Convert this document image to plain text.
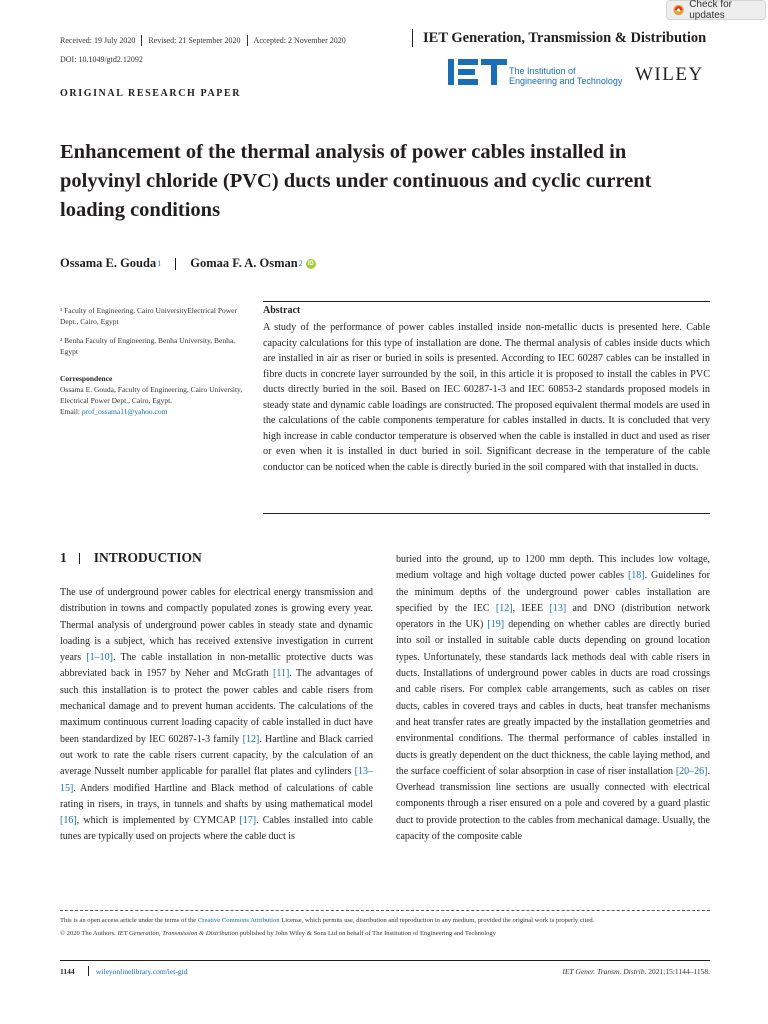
Check for updates
Received: 19 July 2020 Revised: 21 September 2020 Accepted: 2 November 2020
DOI: 10.1049/gtd2.12092
IET Generation, Transmission & Distribution
The Institution of
Engineering and Technology WILEY
ORIGINAL RESEARCH PAPER
Enhancement of the thermal analysis of power cables installed in polyvinyl chloride (PVC) ducts under continuous and cyclic current loading conditions
Ossama E. Gouda 1 Gomaa F. A. Osman 2 iD

¹ Faculty of Engineering, Cairo UniversityElectrical Power Dept., Cairo, Egypt

² Benha Faculty of Engineering, Benha University, Benha, Egypt

Correspondence

Ossama E. Gouda, Faculty of Engineering, Cairo University, Electrical Power Dept., Cairo, Egypt.
Email: prof_ossama11@yahoo.com

Abstract

A study of the performance of power cables installed inside non-metallic ducts is presented here. Cable capacity calculations for this type of installation are done. The thermal analysis of cables inside ducts which are installed in air as riser or buried in soils is presented. According to IEC 60287 cables can be installed in fibre ducts in concrete layer surrounded by the soil, in this article it is proposed to install the cables in PVC ducts directly buried in the soil. Based on IEC 60287-1-3 and IEC 60853-2 standards proposed models in steady state and dynamic cable loadings are constructed. The proposed equivalent thermal models are used in the calculations of the cable components temperature for cables installed in ducts. It is concluded that very high increase in cable conductor temperature is observed when the cable is installed in duct and used as riser or even when it is installed in duct buried in soil. Significant decrease in the temperature of the cable conductor can be noticed when the cable is directly buried in the soil compared with that installed in ducts.

1 INTRODUCTION

The use of underground power cables for electrical energy transmission and distribution in towns and compactly populated zones is growing every year. Thermal analysis of underground power cables in steady state and dynamic loading is a subject, which has received extensive investigation in current years [1–10]. The cable installation in non-metallic protective ducts was abbreviated back in 1957 by Neher and McGrath [11]. The advantages of such this installation is to protect the power cables and cable risers from mechanical damage and to prevent human accidents. The calculations of the maximum continuous current loading capacity of cable installed in duct have been standardized by IEC 60287-1-3 family [12]. Hartline and Black carried out work to rate the cable risers current capacity, by the calculation of an average Nusselt number applicable for parallel flat plates and cylinders [13–15]. Anders modified Hartline and Black method of calculations of cable rating in risers, in trays, in tunnels and shafts by using mathematical model [16], which is implemented by CYMCAP [17]. Cables installed into cable tunes are typically used on projects where the cable duct is

buried into the ground, up to 1200 mm depth. This includes low voltage, medium voltage and high voltage ducted power cables [18]. Guidelines for the minimum depths of the underground power cables installation are specified by the IEC [12], IEEE [13] and DNO (distribution network operators in the UK) [19] depending on whether cables are directly buried into soil or installed in suitable cable ducts depending on ground location types. Unfortunately, these standards lack methods deal with cable risers in ducts. Installations of underground power cables in ducts are road crossings and cable risers. For complex cable arrangements, such as cables on riser ducts, cables in covered trays and cables in ducts, heat transfer mechanisms and heat transfer rates are greatly impacted by the installation geometries and environmental conditions. The thermal performance of cables installed in ducts is greatly dependent on the duct thickness, the cable laying method, and the surface coefficient of solar absorption in case of riser installation [20–26]. Overhead transmission line sections are usually connected with electrical components through a riser ensured on a pole and covered by a guard plastic duct to provide protection to the cables from mechanical damage. Usually, the capacity of the composite cable

This is an open access article under the terms of the Creative Commons Attribution License, which permits use, distribution and reproduction in any medium, provided the original work is properly cited.
© 2020 The Authors. IET Generation, Transmission & Distribution published by John Wiley & Sons Ltd on behalf of The Institution of Engineering and Technology
1144	wileyonlinelibrary.com/iet-gtd	IET Gener. Transm. Distrib. 2021;15:1144–1158.
